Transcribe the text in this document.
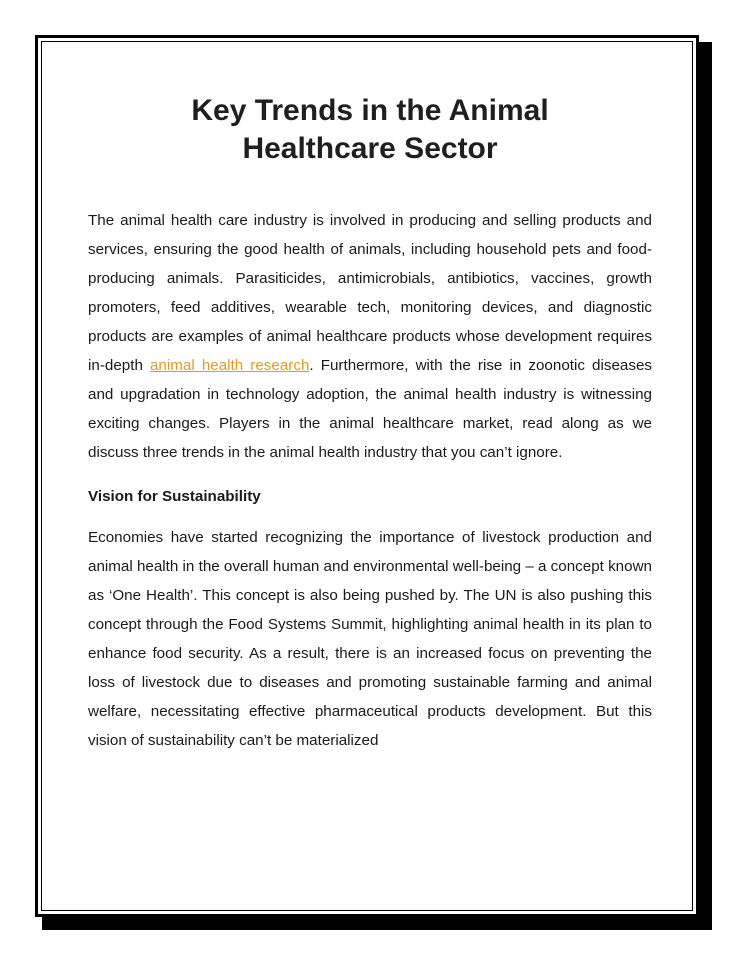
Key Trends in the Animal
Healthcare Sector

The animal health care industry is involved in producing and selling products and services, ensuring the good health of animals, including household pets and food-producing animals. Parasiticides, antimicrobials, antibiotics, vaccines, growth promoters, feed additives, wearable tech, monitoring devices, and diagnostic products are examples of animal healthcare products whose development requires in-depth animal health research. Furthermore, with the rise in zoonotic diseases and upgradation in technology adoption, the animal health industry is witnessing exciting changes. Players in the animal healthcare market, read along as we discuss three trends in the animal health industry that you can’t ignore.

Vision for Sustainability

Economies have started recognizing the importance of livestock production and animal health in the overall human and environmental well-being – a concept known as ‘One Health’. This concept is also being pushed by. The UN is also pushing this concept through the Food Systems Summit, highlighting animal health in its plan to enhance food security. As a result, there is an increased focus on preventing the loss of livestock due to diseases and promoting sustainable farming and animal welfare, necessitating effective pharmaceutical products development. But this vision of sustainability can’t be materialized
